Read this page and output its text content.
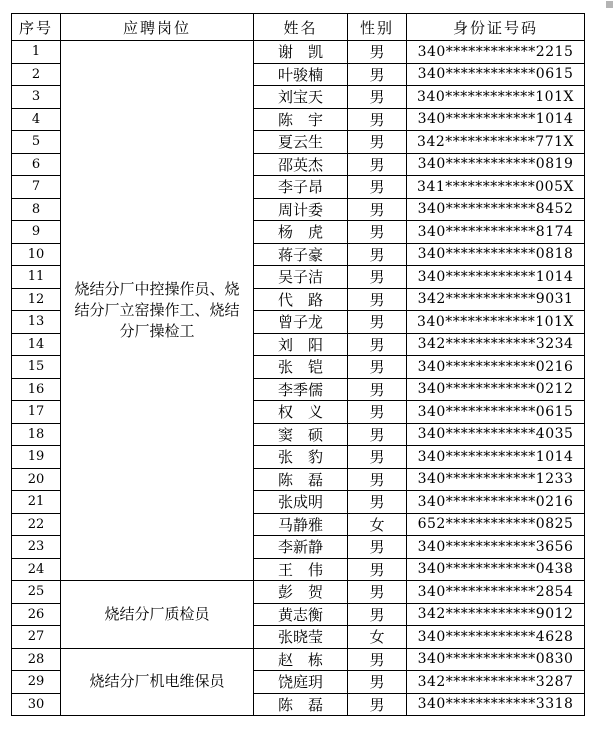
序号	应聘岗位	姓名	性别	身份证号码
1	烧结分厂中控操作员、烧结分厂立窑操作工、烧结分厂操检工	谢　凯	男	340************2215
2		叶骏楠	男	340************0615
3		刘宝天	男	340************101X
4		陈　宇	男	340************1014
5		夏云生	男	342************771X
6		邵英杰	男	340************0819
7		李子昂	男	341************005X
8		周计委	男	340************8452
9		杨　虎	男	340************8174
10		蒋子豪	男	340************0818
11		吴子洁	男	340************1014
12		代　路	男	342************9031
13		曾子龙	男	340************101X
14		刘　阳	男	342************3234
15		张　铠	男	340************0216
16		李季儒	男	340************0212
17		权　义	男	340************0615
18		窦　硕	男	340************4035
19		张　豹	男	340************1014
20		陈　磊	男	340************1233
21		张成明	男	340************0216
22		马静雅	女	652************0825
23		李新静	男	340************3656
24		王　伟	男	340************0438
25	烧结分厂质检员	彭　贺	男	340************2854
26		黄志衡	男	342************9012
27		张晓莹	女	340************4628
28	烧结分厂机电维保员	赵　栋	男	340************0830
29		饶庭玥	男	342************3287
30		陈　磊	男	340************3318
